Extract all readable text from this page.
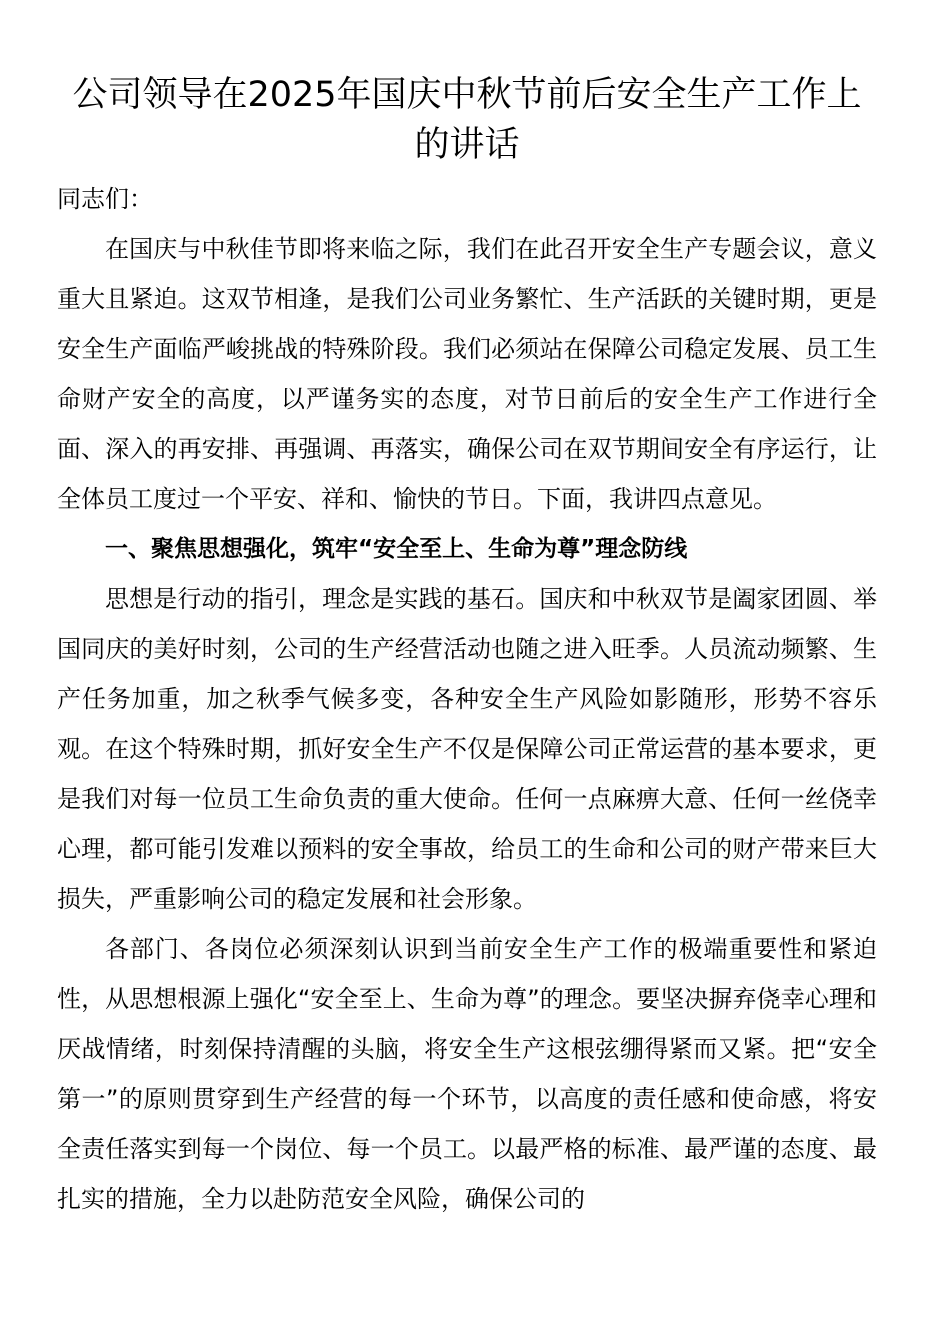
公司领导在2025年国庆中秋节前后安全生产工作上的讲话

同志们：

在国庆与中秋佳节即将来临之际，我们在此召开安全生产专题会议，意义重大且紧迫。这双节相逢，是我们公司业务繁忙、生产活跃的关键时期，更是安全生产面临严峻挑战的特殊阶段。我们必须站在保障公司稳定发展、员工生命财产安全的高度，以严谨务实的态度，对节日前后的安全生产工作进行全面、深入的再安排、再强调、再落实，确保公司在双节期间安全有序运行，让全体员工度过一个平安、祥和、愉快的节日。下面，我讲四点意见。

一、聚焦思想强化，筑牢“安全至上、生命为尊”理念防线

思想是行动的指引，理念是实践的基石。国庆和中秋双节是阖家团圆、举国同庆的美好时刻，公司的生产经营活动也随之进入旺季。人员流动频繁、生产任务加重，加之秋季气候多变，各种安全生产风险如影随形，形势不容乐观。在这个特殊时期，抓好安全生产不仅是保障公司正常运营的基本要求，更是我们对每一位员工生命负责的重大使命。任何一点麻痹大意、任何一丝侥幸心理，都可能引发难以预料的安全事故，给员工的生命和公司的财产带来巨大损失，严重影响公司的稳定发展和社会形象。

各部门、各岗位必须深刻认识到当前安全生产工作的极端重要性和紧迫性，从思想根源上强化“安全至上、生命为尊”的理念。要坚决摒弃侥幸心理和厌战情绪，时刻保持清醒的头脑，将安全生产这根弦绷得紧而又紧。把“安全第一”的原则贯穿到生产经营的每一个环节，以高度的责任感和使命感，将安全责任落实到每一个岗位、每一个员工。以最严格的标准、最严谨的态度、最扎实的措施，全力以赴防范安全风险，确保公司的
